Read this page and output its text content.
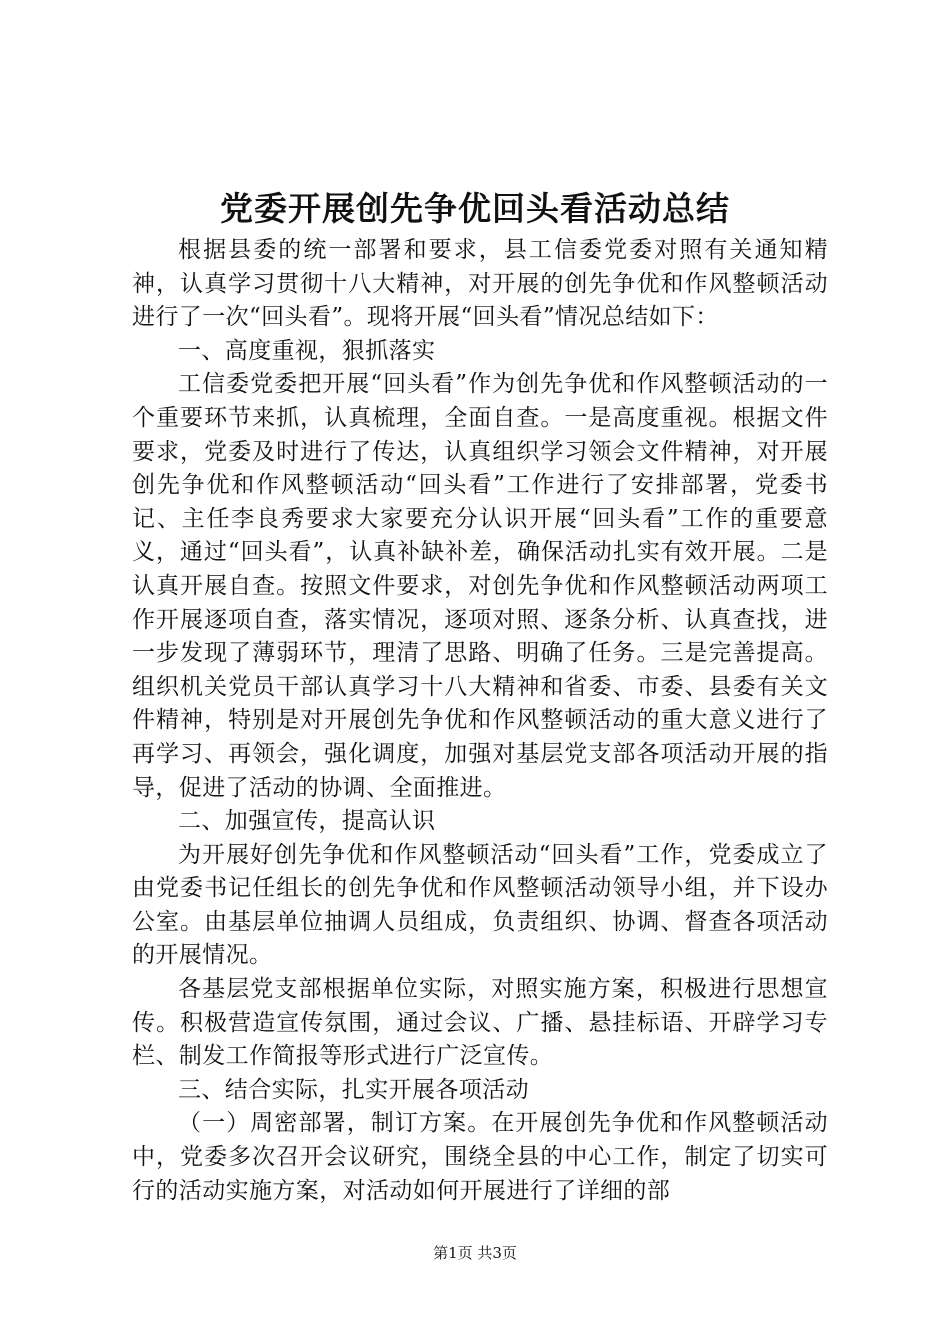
党委开展创先争优回头看活动总结

根据县委的统一部署和要求，县工信委党委对照有关通知精神，认真学习贯彻十八大精神，对开展的创先争优和作风整顿活动进行了一次“回头看”。现将开展“回头看”情况总结如下：

一、高度重视，狠抓落实

工信委党委把开展“回头看”作为创先争优和作风整顿活动的一个重要环节来抓，认真梳理，全面自查。一是高度重视。根据文件要求，党委及时进行了传达，认真组织学习领会文件精神，对开展创先争优和作风整顿活动“回头看”工作进行了安排部署，党委书记、主任李良秀要求大家要充分认识开展“回头看”工作的重要意义，通过“回头看”，认真补缺补差，确保活动扎实有效开展。二是认真开展自查。按照文件要求，对创先争优和作风整顿活动两项工作开展逐项自查，落实情况，逐项对照、逐条分析、认真查找，进一步发现了薄弱环节，理清了思路、明确了任务。三是完善提高。组织机关党员干部认真学习十八大精神和省委、市委、县委有关文件精神，特别是对开展创先争优和作风整顿活动的重大意义进行了再学习、再领会，强化调度，加强对基层党支部各项活动开展的指导，促进了活动的协调、全面推进。

二、加强宣传，提高认识

为开展好创先争优和作风整顿活动“回头看”工作，党委成立了由党委书记任组长的创先争优和作风整顿活动领导小组，并下设办公室。由基层单位抽调人员组成，负责组织、协调、督查各项活动的开展情况。

各基层党支部根据单位实际，对照实施方案，积极进行思想宣传。积极营造宣传氛围，通过会议、广播、悬挂标语、开辟学习专栏、制发工作简报等形式进行广泛宣传。

三、结合实际，扎实开展各项活动

（一）周密部署，制订方案。在开展创先争优和作风整顿活动中，党委多次召开会议研究，围绕全县的中心工作，制定了切实可行的活动实施方案，对活动如何开展进行了详细的部

第1页 共3页
